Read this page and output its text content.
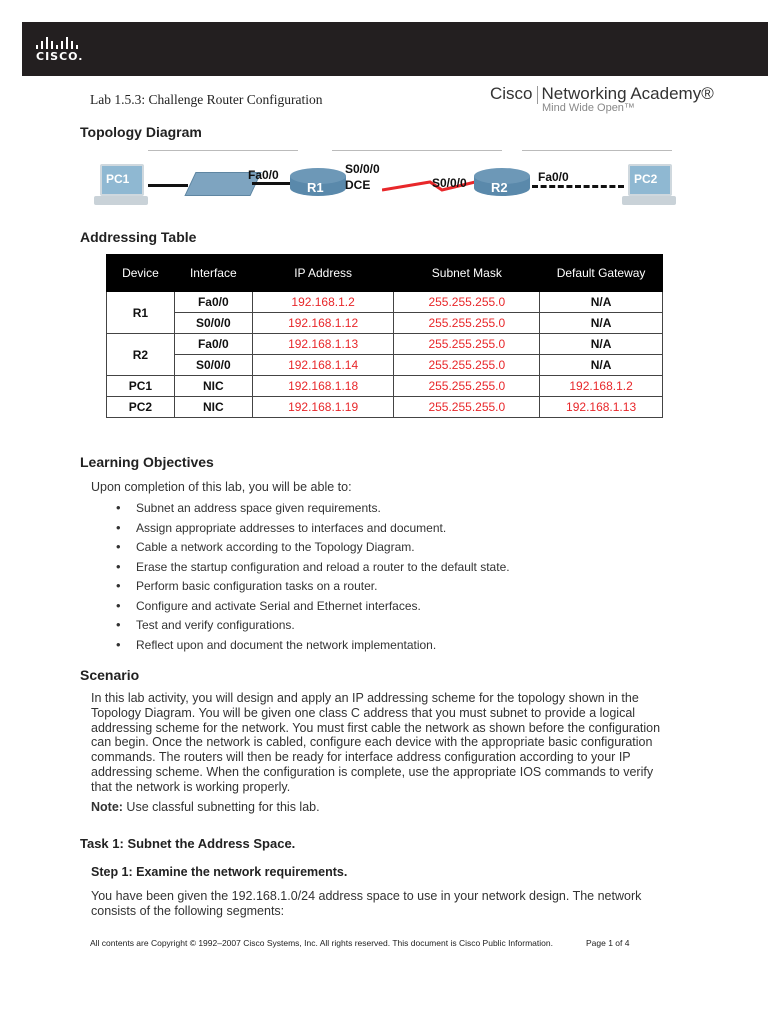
CISCO.
Lab 1.5.3: Challenge Router Configuration	Cisco Networking Academy®
Mind Wide Open™
Topology Diagram
PC1	Fa0/0
R1
S0/0/0
DCE	S0/0/0 R2
Fa0/0	PC2
Addressing Table
Device	Interface	IP Address	Subnet Mask	Default Gateway
R1	Fa0/0	192.168.1.2	255.255.255.0	N/A
	S0/0/0	192.168.1.12	255.255.255.0	N/A
R2	Fa0/0	192.168.1.13	255.255.255.0	N/A
	S0/0/0	192.168.1.14	255.255.255.0	N/A
PC1	NIC	192.168.1.18	255.255.255.0	192.168.1.2
PC2	NIC	192.168.1.19	255.255.255.0	192.168.1.13
Learning Objectives
Upon completion of this lab, you will be able to:
• Subnet an address space given requirements.
• Assign appropriate addresses to interfaces and document.
• Cable a network according to the Topology Diagram.
• Erase the startup configuration and reload a router to the default state.
• Perform basic configuration tasks on a router.
• Configure and activate Serial and Ethernet interfaces.
• Test and verify configurations.
• Reflect upon and document the network implementation.
Scenario
In this lab activity, you will design and apply an IP addressing scheme for the topology shown in the Topology Diagram. You will be given one class C address that you must subnet to provide a logical addressing scheme for the network. You must first cable the network as shown before the configuration can begin. Once the network is cabled, configure each device with the appropriate basic configuration commands. The routers will then be ready for interface address configuration according to your IP addressing scheme. When the configuration is complete, use the appropriate IOS commands to verify that the network is working properly.
Note: Use classful subnetting for this lab.
Task 1: Subnet the Address Space.
Step 1: Examine the network requirements.
You have been given the 192.168.1.0/24 address space to use in your network design. The network consists of the following segments:
All contents are Copyright © 1992–2007 Cisco Systems, Inc. All rights reserved. This document is Cisco Public Information.	Page 1 of 4
